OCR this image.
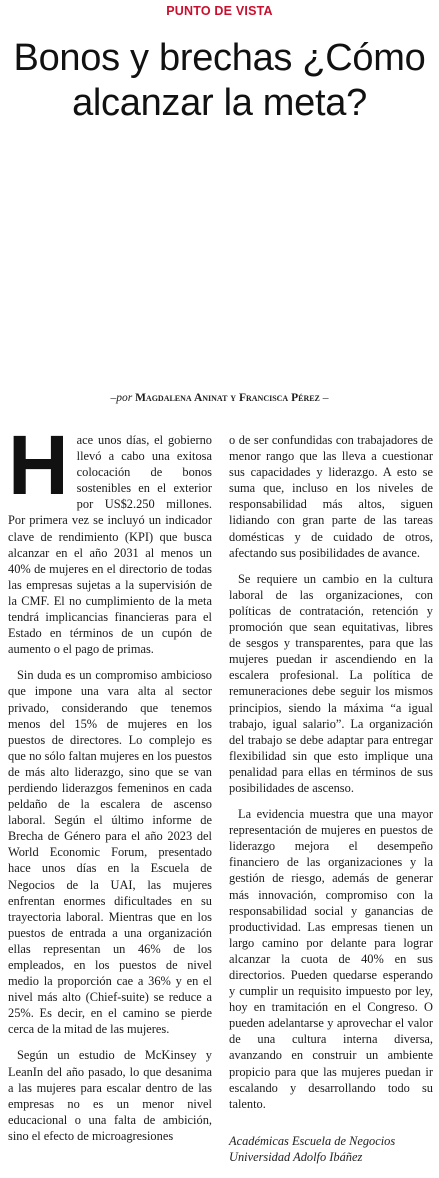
PUNTO DE VISTA
Bonos y brechas ¿Cómo alcanzar la meta?
–por Magdalena Aninat y Francisca Pérez –

Hace unos días, el gobierno llevó a cabo una exitosa colocación de bonos sostenibles en el exterior por US$2.250 millones. Por primera vez se incluyó un indicador clave de rendimiento (KPI) que busca alcanzar en el año 2031 al menos un 40% de mujeres en el directorio de todas las empresas sujetas a la supervisión de la CMF. El no cumplimiento de la meta tendrá implicancias financieras para el Estado en términos de un cupón de aumento o el pago de primas.

Sin duda es un compromiso ambicioso que impone una vara alta al sector privado, considerando que tenemos menos del 15% de mujeres en los puestos de directores. Lo complejo es que no sólo faltan mujeres en los puestos de más alto liderazgo, sino que se van perdiendo liderazgos femeninos en cada peldaño de la escalera de ascenso laboral. Según el último informe de Brecha de Género para el año 2023 del World Economic Forum, presentado hace unos días en la Escuela de Negocios de la UAI, las mujeres enfrentan enormes dificultades en su trayectoria laboral. Mientras que en los puestos de entrada a una organización ellas representan un 46% de los empleados, en los puestos de nivel medio la proporción cae a 36% y en el nivel más alto (Chief-suite) se reduce a 25%. Es decir, en el camino se pierde cerca de la mitad de las mujeres.

Según un estudio de McKinsey y LeanIn del año pasado, lo que desanima a las mujeres para escalar dentro de las empresas no es un menor nivel educacional o una falta de ambición, sino el efecto de microagresiones

o de ser confundidas con trabajadores de menor rango que las lleva a cuestionar sus capacidades y liderazgo. A esto se suma que, incluso en los niveles de responsabilidad más altos, siguen lidiando con gran parte de las tareas domésticas y de cuidado de otros, afectando sus posibilidades de avance.

Se requiere un cambio en la cultura laboral de las organizaciones, con políticas de contratación, retención y promoción que sean equitativas, libres de sesgos y transparentes, para que las mujeres puedan ir ascendiendo en la escalera profesional. La política de remuneraciones debe seguir los mismos principios, siendo la máxima “a igual trabajo, igual salario”. La organización del trabajo se debe adaptar para entregar flexibilidad sin que esto implique una penalidad para ellas en términos de sus posibilidades de ascenso.

La evidencia muestra que una mayor representación de mujeres en puestos de liderazgo mejora el desempeño financiero de las organizaciones y la gestión de riesgo, además de generar más innovación, compromiso con la responsabilidad social y ganancias de productividad. Las empresas tienen un largo camino por delante para lograr alcanzar la cuota de 40% en sus directorios. Pueden quedarse esperando y cumplir un requisito impuesto por ley, hoy en tramitación en el Congreso. O pueden adelantarse y aprovechar el valor de una cultura interna diversa, avanzando en construir un ambiente propicio para que las mujeres puedan ir escalando y desarrollando todo su talento.

Académicas Escuela de Negocios
Universidad Adolfo Ibáñez
